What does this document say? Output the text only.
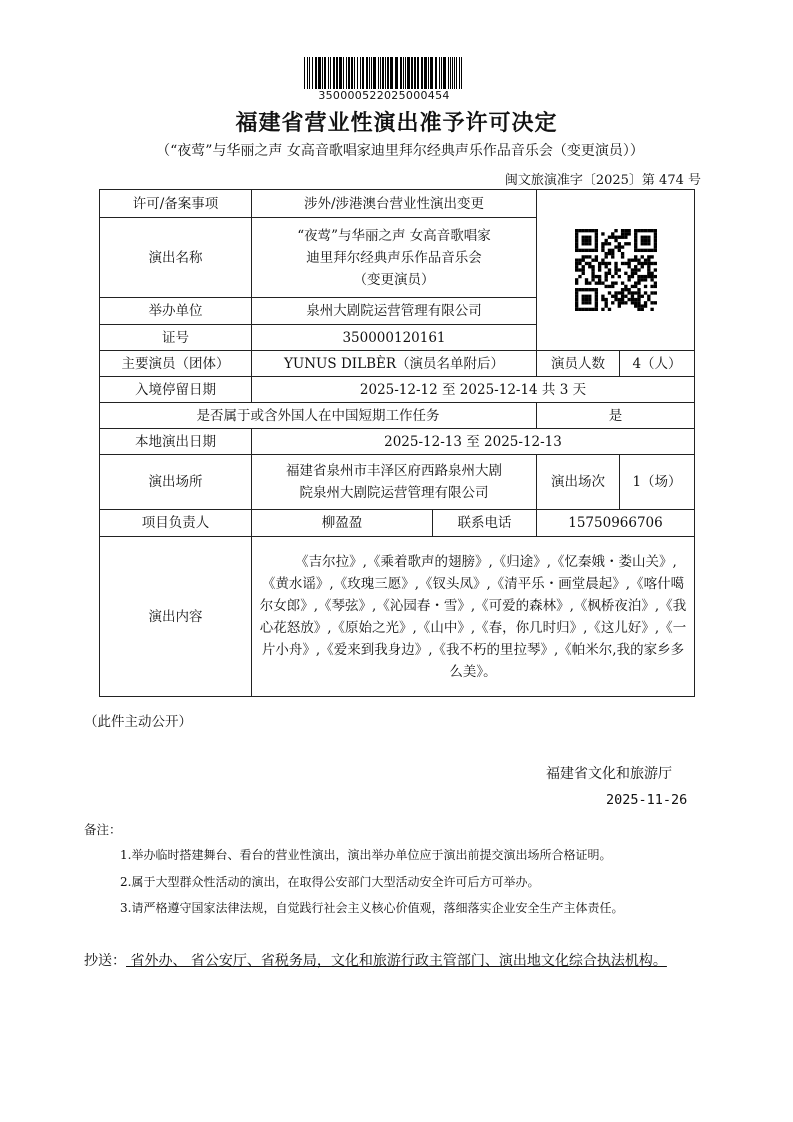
350000522025000454
福建省营业性演出准予许可决定
（“夜莺”与华丽之声 女高音歌唱家迪里拜尔经典声乐作品音乐会（变更演员））
闽文旅演准字〔2025〕第 474 号
许可/备案事项	涉外/涉港澳台营业性演出变更	

演出名称	“夜莺”与华丽之声 女高音歌唱家
迪里拜尔经典声乐作品音乐会
（变更演员）			

举办单位	泉州大剧院运营管理有限公司			
证号	350000120161			
主要演员（团体）	YUNUS DILBÈR（演员名单附后）		演员人数	4（人）
入境停留日期	2025-12-12 至 2025-12-14 共 3 天			
是否属于或含外国人在中国短期工作任务			是	
本地演出日期	2025-12-13 至 2025-12-13			
演出场所	福建省泉州市丰泽区府西路泉州大剧
院泉州大剧院运营管理有限公司		演出场次	1（场）
项目负责人	柳盈盈	联系电话	15750966706	
演出内容	《吉尔拉》,《乘着歌声的翅膀》,《归途》,《忆秦娥・娄山关》,《黄水谣》,《玫瑰三愿》,《钗头凤》,《清平乐・画堂晨起》,《喀什噶尔女郎》,《琴弦》,《沁园春・雪》,《可爱的森林》,《枫桥夜泊》,《我心花怒放》,《原始之光》,《山中》,《春，你几时归》,《这儿好》,《一片小舟》,《爱来到我身边》,《我不朽的里拉琴》,《帕米尔,我的家乡多么美》。			
（此件主动公开）
福建省文化和旅游厅
2025-11-26
备注：
1.举办临时搭建舞台、看台的营业性演出，演出举办单位应于演出前提交演出场所合格证明。
2.属于大型群众性活动的演出，在取得公安部门大型活动安全许可后方可举办。
3.请严格遵守国家法律法规，自觉践行社会主义核心价值观，落细落实企业安全生产主体责任。
抄送： 省外办、 省公安厅、省税务局，文化和旅游行政主管部门、演出地文化综合执法机构。
